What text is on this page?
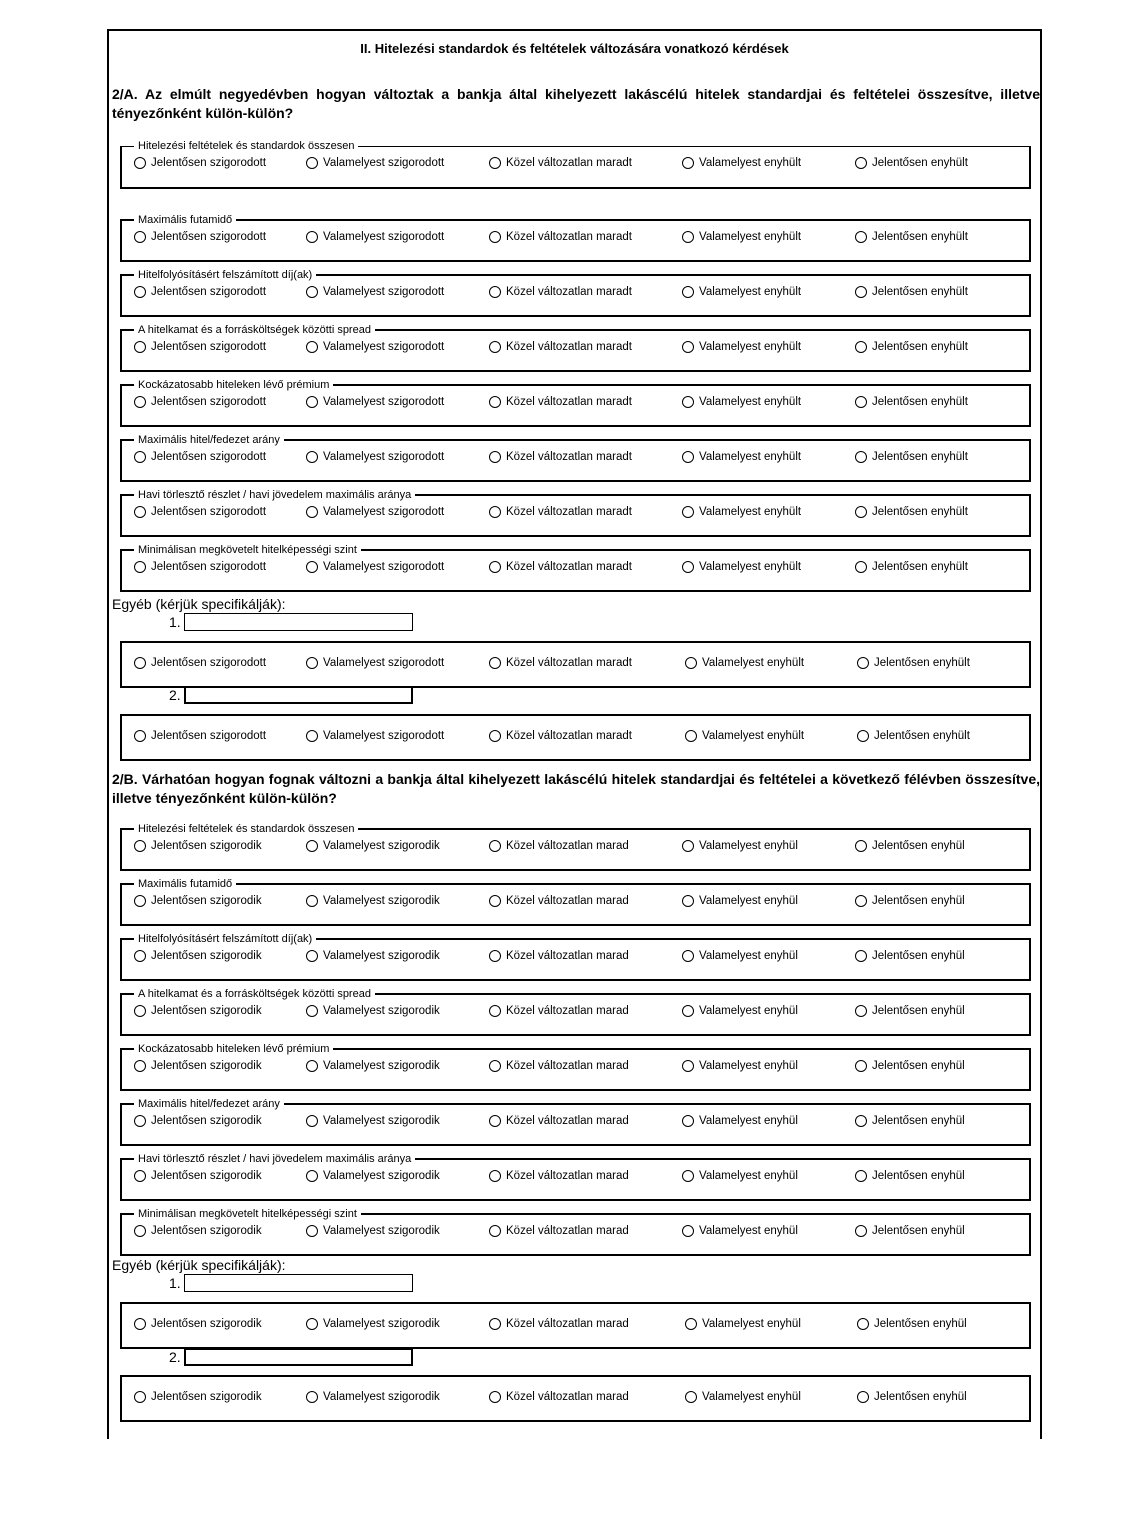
II. Hitelezési standardok és feltételek változására vonatkozó kérdések
2/A. Az elmúlt negyedévben hogyan változtak a bankja által kihelyezett lakáscélú hitelek standardjai és feltételei összesítve, illetve tényezőnként külön-külön?
Hitelezési feltételek és standardok összesen
Jelentősen szigorodott	Valamelyest szigorodott	Közel változatlan maradt	Valamelyest enyhült	Jelentősen enyhült
Maximális futamidő
Jelentősen szigorodott	Valamelyest szigorodott	Közel változatlan maradt	Valamelyest enyhült	Jelentősen enyhült
Hitelfolyósításért felszámított díj(ak)
Jelentősen szigorodott	Valamelyest szigorodott	Közel változatlan maradt	Valamelyest enyhült	Jelentősen enyhült
A hitelkamat és a forrásköltségek közötti spread
Jelentősen szigorodott	Valamelyest szigorodott	Közel változatlan maradt	Valamelyest enyhült	Jelentősen enyhült
Kockázatosabb hiteleken lévő prémium
Jelentősen szigorodott	Valamelyest szigorodott	Közel változatlan maradt	Valamelyest enyhült	Jelentősen enyhült
Maximális hitel/fedezet arány
Jelentősen szigorodott	Valamelyest szigorodott	Közel változatlan maradt	Valamelyest enyhült	Jelentősen enyhült
Havi törlesztő részlet / havi jövedelem maximális aránya
Jelentősen szigorodott	Valamelyest szigorodott	Közel változatlan maradt	Valamelyest enyhült	Jelentősen enyhült
Minimálisan megkövetelt hitelképességi szint
Jelentősen szigorodott	Valamelyest szigorodott	Közel változatlan maradt	Valamelyest enyhült	Jelentősen enyhült
Egyéb (kérjük specifikálják):
1.
Jelentősen szigorodott	Valamelyest szigorodott	Közel változatlan maradt	Valamelyest enyhült	Jelentősen enyhült
2.
Jelentősen szigorodott	Valamelyest szigorodott	Közel változatlan maradt	Valamelyest enyhült	Jelentősen enyhült
2/B. Várhatóan hogyan fognak változni a bankja által kihelyezett lakáscélú hitelek standardjai és feltételei a következő félévben összesítve, illetve tényezőnként külön-külön?
Hitelezési feltételek és standardok összesen
Jelentősen szigorodik	Valamelyest szigorodik	Közel változatlan marad	Valamelyest enyhül	Jelentősen enyhül
Maximális futamidő
Jelentősen szigorodik	Valamelyest szigorodik	Közel változatlan marad	Valamelyest enyhül	Jelentősen enyhül
Hitelfolyósításért felszámított díj(ak)
Jelentősen szigorodik	Valamelyest szigorodik	Közel változatlan marad	Valamelyest enyhül	Jelentősen enyhül
A hitelkamat és a forrásköltségek közötti spread
Jelentősen szigorodik	Valamelyest szigorodik	Közel változatlan marad	Valamelyest enyhül	Jelentősen enyhül
Kockázatosabb hiteleken lévő prémium
Jelentősen szigorodik	Valamelyest szigorodik	Közel változatlan marad	Valamelyest enyhül	Jelentősen enyhül
Maximális hitel/fedezet arány
Jelentősen szigorodik	Valamelyest szigorodik	Közel változatlan marad	Valamelyest enyhül	Jelentősen enyhül
Havi törlesztő részlet / havi jövedelem maximális aránya
Jelentősen szigorodik	Valamelyest szigorodik	Közel változatlan marad	Valamelyest enyhül	Jelentősen enyhül
Minimálisan megkövetelt hitelképességi szint
Jelentősen szigorodik	Valamelyest szigorodik	Közel változatlan marad	Valamelyest enyhül	Jelentősen enyhül
Egyéb (kérjük specifikálják):
1.
Jelentősen szigorodik	Valamelyest szigorodik	Közel változatlan marad	Valamelyest enyhül	Jelentősen enyhül
2.
Jelentősen szigorodik	Valamelyest szigorodik	Közel változatlan marad	Valamelyest enyhül	Jelentősen enyhül
